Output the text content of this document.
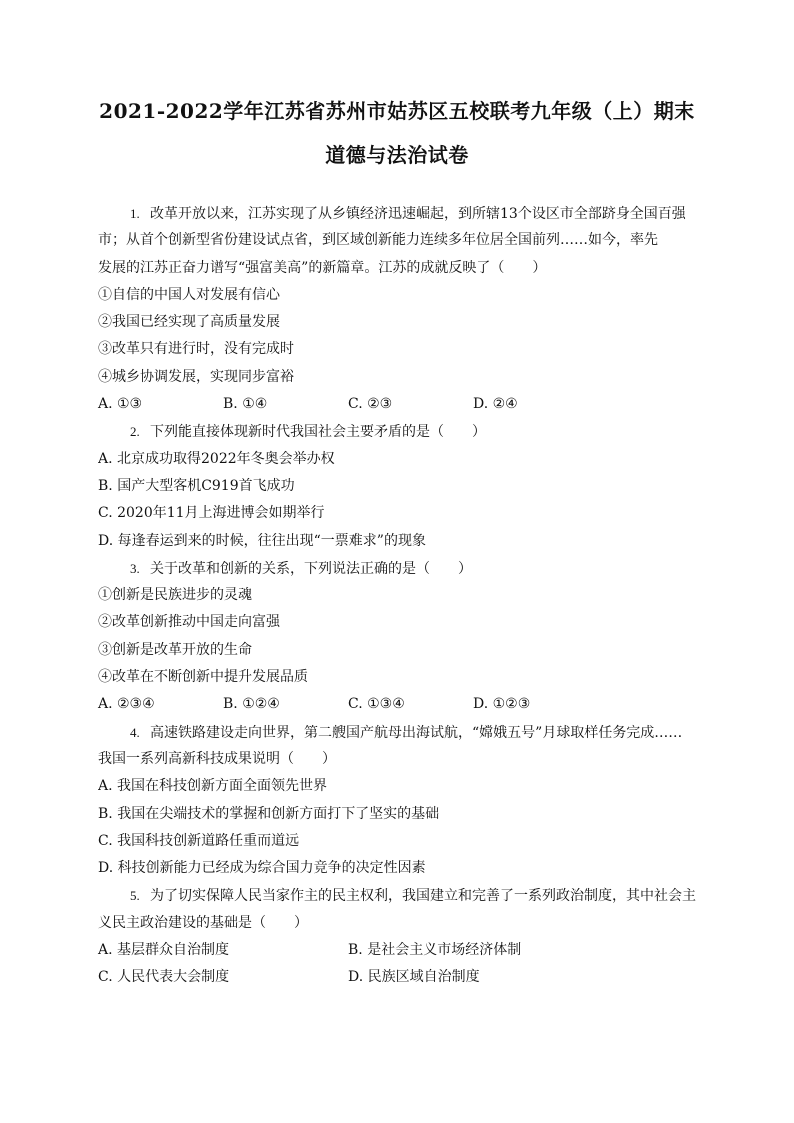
2021-2022学年江苏省苏州市姑苏区五校联考九年级（上）期末
道德与法治试卷
1. 改革开放以来，江苏实现了从乡镇经济迅速崛起，到所辖13个设区市全部跻身全国百强
市；从首个创新型省份建设试点省，到区域创新能力连续多年位居全国前列……如今，率先
发展的江苏正奋力谱写“强富美高”的新篇章。江苏的成就反映了（　　）
①自信的中国人对发展有信心
②我国已经实现了高质量发展
③改革只有进行时，没有完成时
④城乡协调发展，实现同步富裕
A. ①③	B. ①④	C. ②③	D. ②④
2. 下列能直接体现新时代我国社会主要矛盾的是（　　）
A. 北京成功取得2022年冬奥会举办权
B. 国产大型客机C919首飞成功
C. 2020年11月上海进博会如期举行
D. 每逢春运到来的时候，往往出现“一票难求”的现象
3. 关于改革和创新的关系，下列说法正确的是（　　）
①创新是民族进步的灵魂
②改革创新推动中国走向富强
③创新是改革开放的生命
④改革在不断创新中提升发展品质
A. ②③④	B. ①②④	C. ①③④	D. ①②③
4. 高速铁路建设走向世界，第二艘国产航母出海试航，“嫦娥五号”月球取样任务完成……
我国一系列高新科技成果说明（　　）
A. 我国在科技创新方面全面领先世界
B. 我国在尖端技术的掌握和创新方面打下了坚实的基础
C. 我国科技创新道路任重而道远
D. 科技创新能力已经成为综合国力竞争的决定性因素
5. 为了切实保障人民当家作主的民主权利，我国建立和完善了一系列政治制度，其中社会主
义民主政治建设的基础是（　　）
A. 基层群众自治制度	B. 是社会主义市场经济体制
C. 人民代表大会制度	D. 民族区域自治制度
